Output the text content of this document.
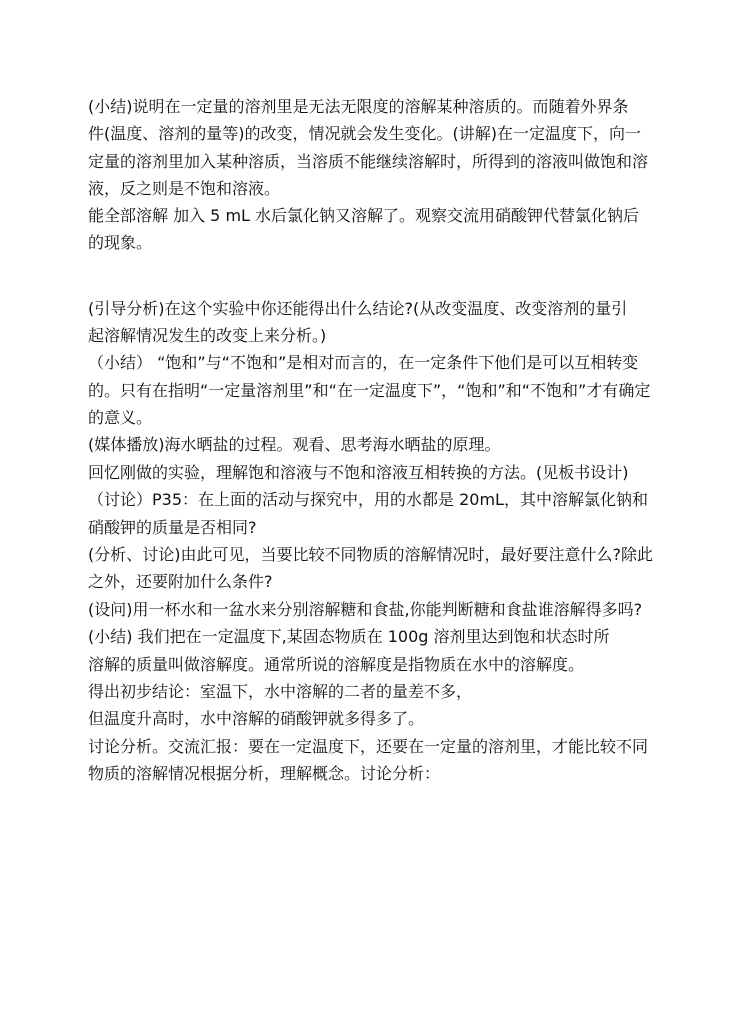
(小结)说明在一定量的溶剂里是无法无限度的溶解某种溶质的。而随着外界条
件(温度、溶剂的量等)的改变，情况就会发生变化。(讲解)在一定温度下，向一
定量的溶剂里加入某种溶质，当溶质不能继续溶解时，所得到的溶液叫做饱和溶
液，反之则是不饱和溶液。
能全部溶解 加入 5 mL 水后氯化钠又溶解了。观察交流用硝酸钾代替氯化钠后
的现象。
(引导分析)在这个实验中你还能得出什么结论?(从改变温度、改变溶剂的量引
起溶解情况发生的改变上来分析。)
（小结） “饱和”与“不饱和”是相对而言的，在一定条件下他们是可以互相转变
的。只有在指明“一定量溶剂里”和“在一定温度下”，“饱和”和“不饱和”才有确定
的意义。
(媒体播放)海水晒盐的过程。观看、思考海水晒盐的原理。
回忆刚做的实验，理解饱和溶液与不饱和溶液互相转换的方法。(见板书设计)
（讨论）P35：在上面的活动与探究中，用的水都是 20mL，其中溶解氯化钠和
硝酸钾的质量是否相同?
(分析、讨论)由此可见，当要比较不同物质的溶解情况时，最好要注意什么?除此
之外，还要附加什么条件?
(设问)用一杯水和一盆水来分别溶解糖和食盐,你能判断糖和食盐谁溶解得多吗?
(小结) 我们把在一定温度下,某固态物质在 100g 溶剂里达到饱和状态时所
溶解的质量叫做溶解度。通常所说的溶解度是指物质在水中的溶解度。
得出初步结论：室温下，水中溶解的二者的量差不多，
但温度升高时，水中溶解的硝酸钾就多得多了。
讨论分析。交流汇报：要在一定温度下，还要在一定量的溶剂里，才能比较不同
物质的溶解情况根据分析，理解概念。讨论分析：
